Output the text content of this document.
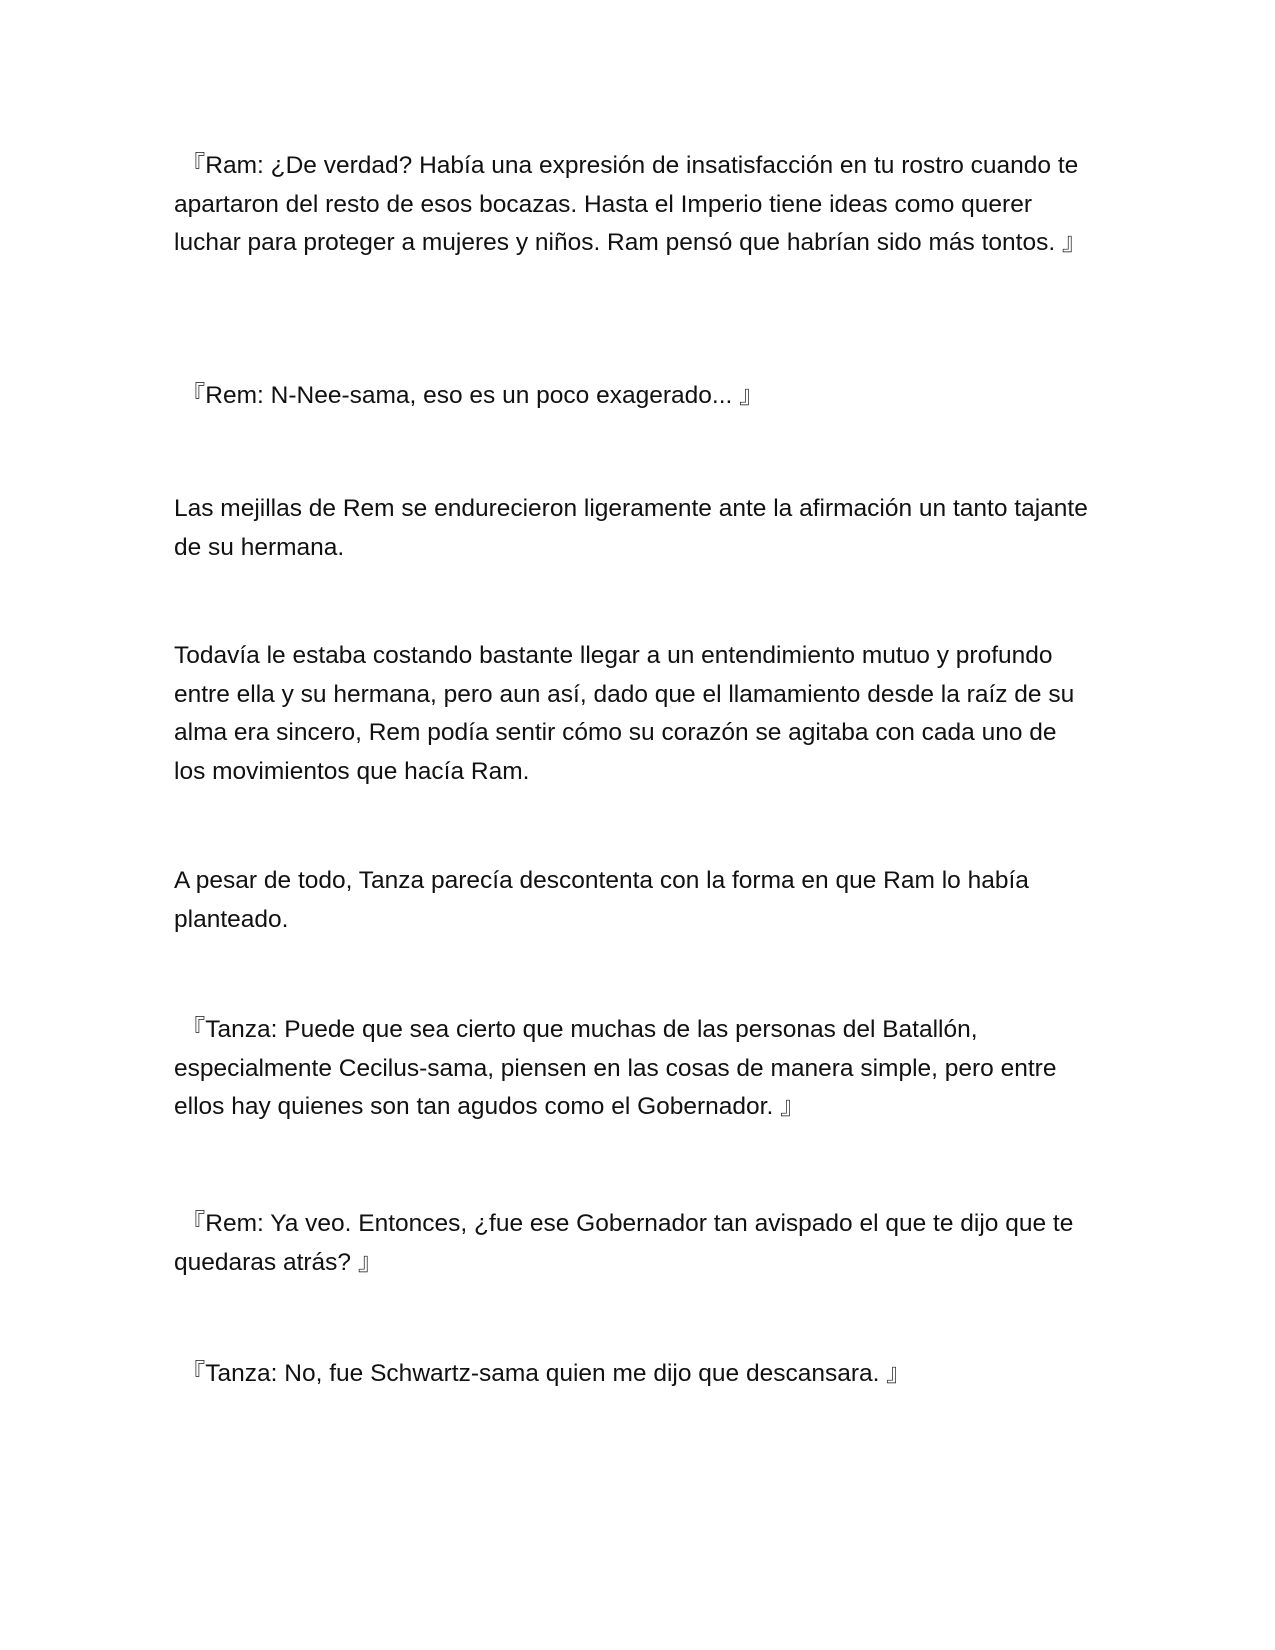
『Ram: ¿De verdad? Había una expresión de insatisfacción en tu rostro cuando te apartaron del resto de esos bocazas. Hasta el Imperio tiene ideas como querer luchar para proteger a mujeres y niños. Ram pensó que habrían sido más tontos. 』

『Rem: N-Nee-sama, eso es un poco exagerado... 』

Las mejillas de Rem se endurecieron ligeramente ante la afirmación un tanto tajante de su hermana.

Todavía le estaba costando bastante llegar a un entendimiento mutuo y profundo entre ella y su hermana, pero aun así, dado que el llamamiento desde la raíz de su alma era sincero, Rem podía sentir cómo su corazón se agitaba con cada uno de los movimientos que hacía Ram.

A pesar de todo, Tanza parecía descontenta con la forma en que Ram lo había planteado.

『Tanza: Puede que sea cierto que muchas de las personas del Batallón, especialmente Cecilus-sama, piensen en las cosas de manera simple, pero entre ellos hay quienes son tan agudos como el Gobernador. 』

『Rem: Ya veo. Entonces, ¿fue ese Gobernador tan avispado el que te dijo que te quedaras atrás? 』

『Tanza: No, fue Schwartz-sama quien me dijo que descansara. 』
